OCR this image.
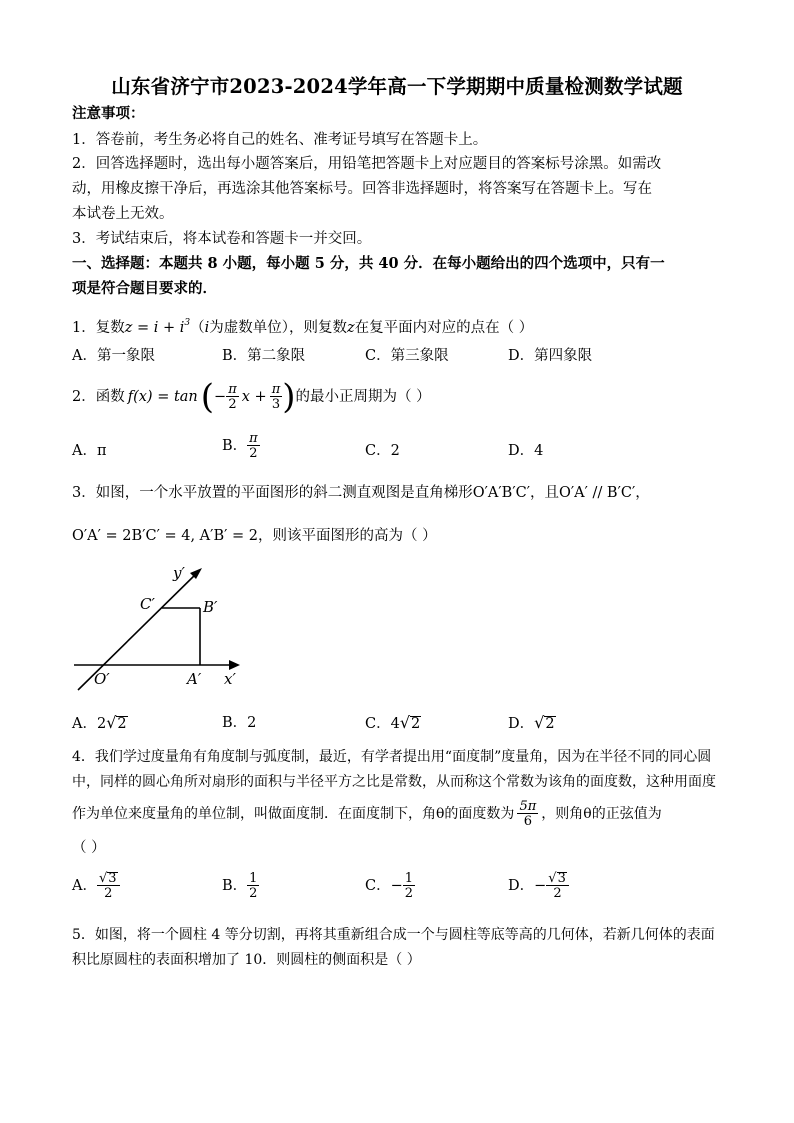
山东省济宁市2023-2024学年高一下学期期中质量检测数学试题
注意事项：
1．答卷前，考生务必将自己的姓名、准考证号填写在答题卡上。
2．回答选择题时，选出每小题答案后，用铅笔把答题卡上对应题目的答案标号涂黑。如需改
动，用橡皮擦干净后，再选涂其他答案标号。回答非选择题时，将答案写在答题卡上。写在
本试卷上无效。
3．考试结束后，将本试卷和答题卡一并交回。
一、选择题：本题共 8 小题，每小题 5 分，共 40 分．在每小题给出的四个选项中，只有一
项是符合题目要求的．
1．复数$z = i + i^3(i$为虚数单位），则复数z在复平面内对应的点在（ ）
A．第一象限	B．第二象限	C．第三象限	D．第四象限
2．函数 f(x) = tan ( − $\frac{\pi}{2}$ $x + \frac{\pi}{3}$ ) 的最小正周期为（ ）
A．π	B． $\frac{\pi}{2}$	C．2	D．4
3．如图，一个水平放置的平面图形的斜二测直观图是直角梯形O′A′B′C′，且O′A′ // B′C′，
O′A′ = 2B′C′ = 4, A′B′ = 2，则该平面图形的高为（ ）
y′
x′
O′	A′
B′
C′
A．2√2	B．2	C．4√2	D．√2
4．我们学过度量角有角度制与弧度制，最近，有学者提出用“面度制”度量角，因为在半径不同的同心圆
中，同样的圆心角所对扇形的面积与半径平方之比是常数，从而称这个常数为该角的面度数，这种用面度
作为单位来度量角的单位制，叫做面度制．在面度制下，角θ的面度数为 $\frac{5\pi}{6}$ ，则角θ的正弦值为
（ ）
A． $\frac{√3}{2}$	B． $\frac{1}{2}$	C．− $\frac{1}{2}$	D．− $\frac{√3}{2}$
5．如图，将一个圆柱 4 等分切割，再将其重新组合成一个与圆柱等底等高的几何体，若新几何体的表面
积比原圆柱的表面积增加了 10．则圆柱的侧面积是（ ）
